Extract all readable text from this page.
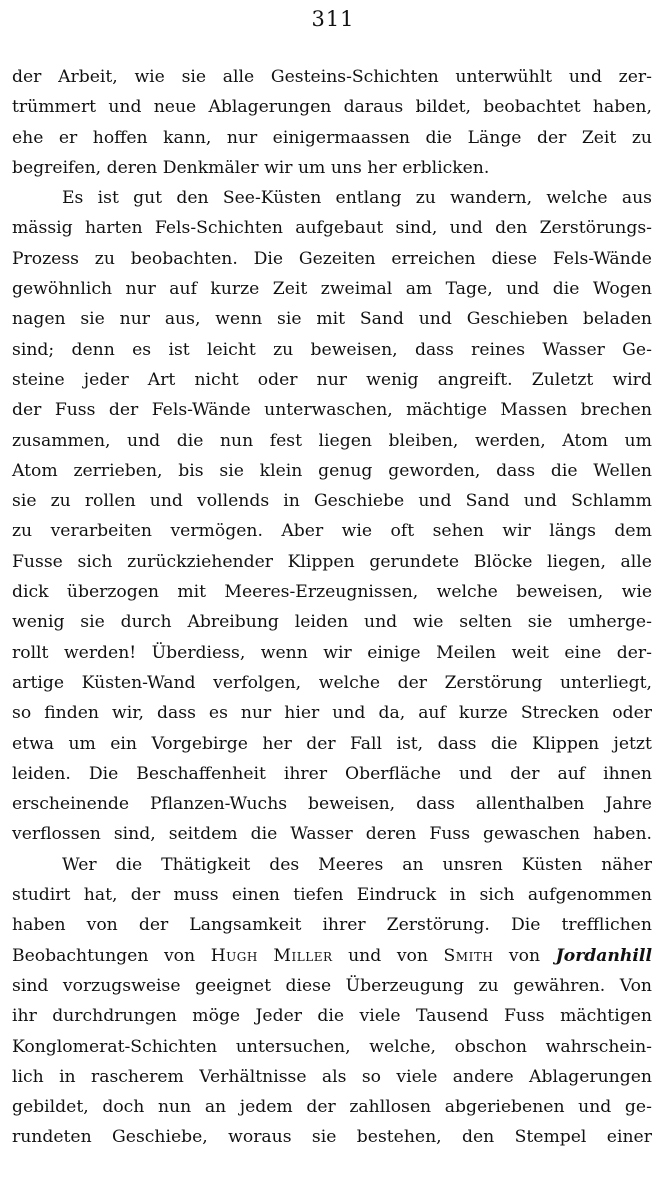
311
der Arbeit, wie sie alle Gesteins-Schichten unterwühlt und zer-
trümmert und neue Ablagerungen daraus bildet, beobachtet haben,
ehe er hoffen kann, nur einigermaassen die Länge der Zeit zu
begreifen,
deren
Denkmäler
wir
um
uns
her
erblicken.
Es ist gut den See-Küsten entlang zu wandern, welche aus
mässig harten Fels-Schichten aufgebaut sind, und den Zerstörungs-
Prozess zu beobachten. Die Gezeiten erreichen diese Fels-Wände
gewöhnlich nur auf kurze Zeit zweimal am Tage, und die Wogen
nagen sie nur aus, wenn sie mit Sand und Geschieben beladen
sind; denn es ist leicht zu beweisen, dass reines Wasser Ge-
steine jeder Art nicht oder nur wenig angreift. Zuletzt wird
der Fuss der Fels-Wände unterwaschen, mächtige Massen brechen
zusammen, und die nun fest liegen bleiben, werden, Atom um
Atom zerrieben, bis sie klein genug geworden, dass die Wellen
sie zu rollen und vollends in Geschiebe und Sand und Schlamm
zu verarbeiten vermögen. Aber wie oft sehen wir längs dem
Fusse sich zurückziehender Klippen gerundete Blöcke liegen, alle
dick überzogen mit Meeres-Erzeugnissen, welche beweisen, wie
wenig sie durch Abreibung leiden und wie selten sie umherge-
rollt werden! Überdiess, wenn wir einige Meilen weit eine der-
artige Küsten-Wand verfolgen, welche der Zerstörung unterliegt,
so finden wir, dass es nur hier und da, auf kurze Strecken oder
etwa um ein Vorgebirge her der Fall ist, dass die Klippen jetzt
leiden. Die Beschaffenheit ihrer Oberfläche und der auf ihnen
erscheinende Pflanzen-Wuchs beweisen, dass allenthalben Jahre
verflossen sind, seitdem die Wasser deren Fuss gewaschen haben.
Wer die Thätigkeit des Meeres an unsren Küsten näher
studirt hat, der muss einen tiefen Eindruck in sich aufgenommen
haben von der Langsamkeit ihrer Zerstörung. Die trefflichen
Beobachtungen von Hugh Miller und von Smith von Jordanhill
sind vorzugsweise geeignet diese Überzeugung zu gewähren. Von
ihr durchdrungen möge Jeder die viele Tausend Fuss mächtigen
Konglomerat-Schichten untersuchen, welche, obschon wahrschein-
lich in rascherem Verhältnisse als so viele andere Ablagerungen
gebildet, doch nun an jedem der zahllosen abgeriebenen und ge-
rundeten Geschiebe, woraus sie bestehen, den Stempel einer
